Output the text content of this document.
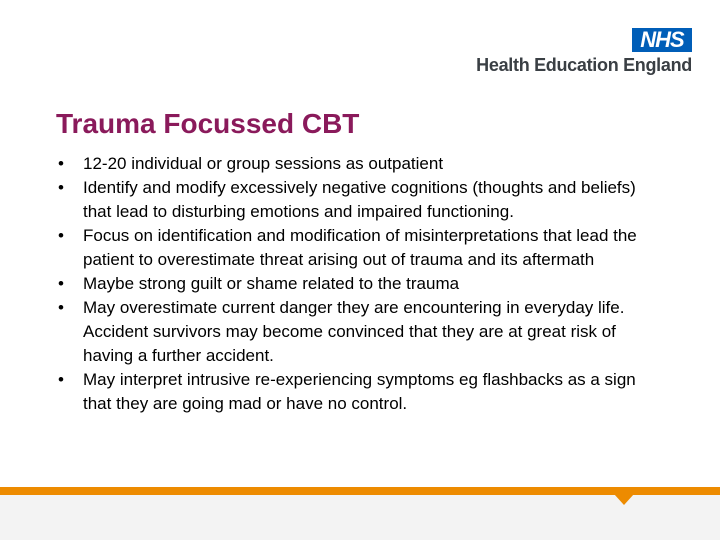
NHS
Health Education England
Trauma Focussed CBT
• 12-20 individual or group sessions as outpatient
• Identify and modify excessively negative cognitions (thoughts and beliefs) that lead to disturbing emotions and impaired functioning.
• Focus on identification and modification of misinterpretations that lead the patient to overestimate threat arising out of trauma and its aftermath
• Maybe strong guilt or shame related to the trauma
• May overestimate current danger they are encountering in everyday life. Accident survivors may become convinced that they are at great risk of having a further accident.
• May interpret intrusive re-experiencing symptoms eg flashbacks as a sign that they are going mad or have no control.
